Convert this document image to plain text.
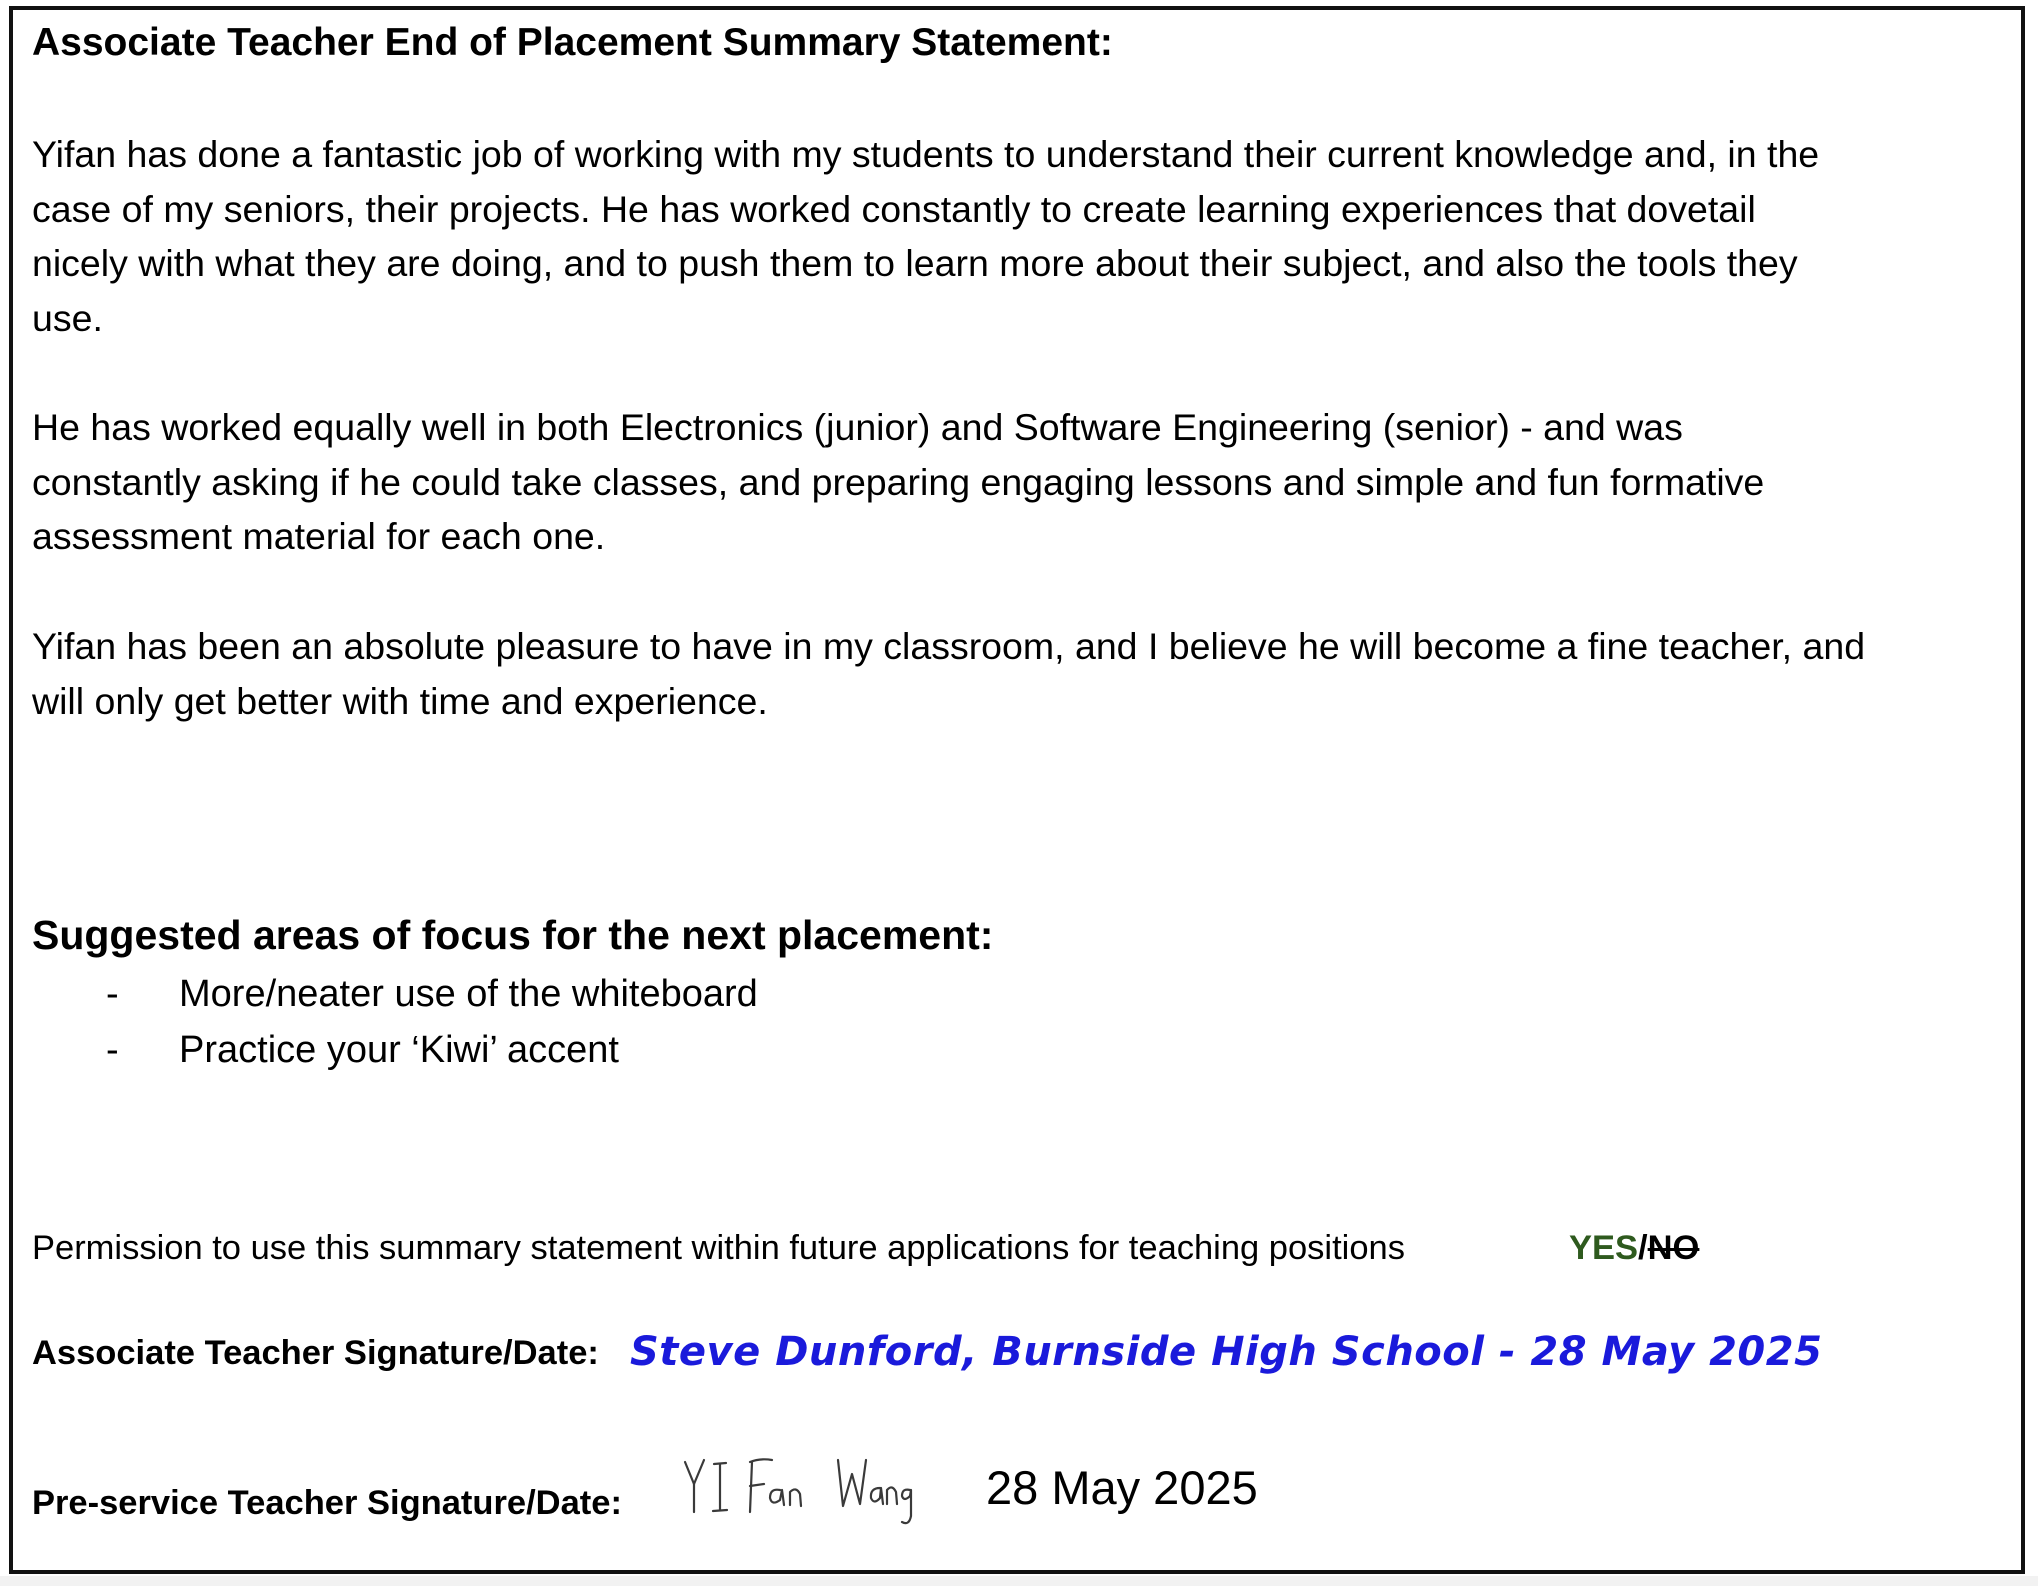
Associate Teacher End of Placement Summary Statement:
Yifan has done a fantastic job of working with my students to understand their current knowledge and, in the
case of my seniors, their projects. He has worked constantly to create learning experiences that dovetail
nicely with what they are doing, and to push them to learn more about their subject, and also the tools they
use.
He has worked equally well in both Electronics (junior) and Software Engineering (senior) - and was
constantly asking if he could take classes, and preparing engaging lessons and simple and fun formative
assessment material for each one.
Yifan has been an absolute pleasure to have in my classroom, and I believe he will become a fine teacher, and
will only get better with time and experience.
Suggested areas of focus for the next placement:
- More/neater use of the whiteboard
- Practice your ‘Kiwi’ accent
Permission to use this summary statement within future applications for teaching positions	YES/NO
Associate Teacher Signature/Date: Steve Dunford, Burnside High School - 28 May 2025
Pre-service Teacher Signature/Date:	28 May 2025
